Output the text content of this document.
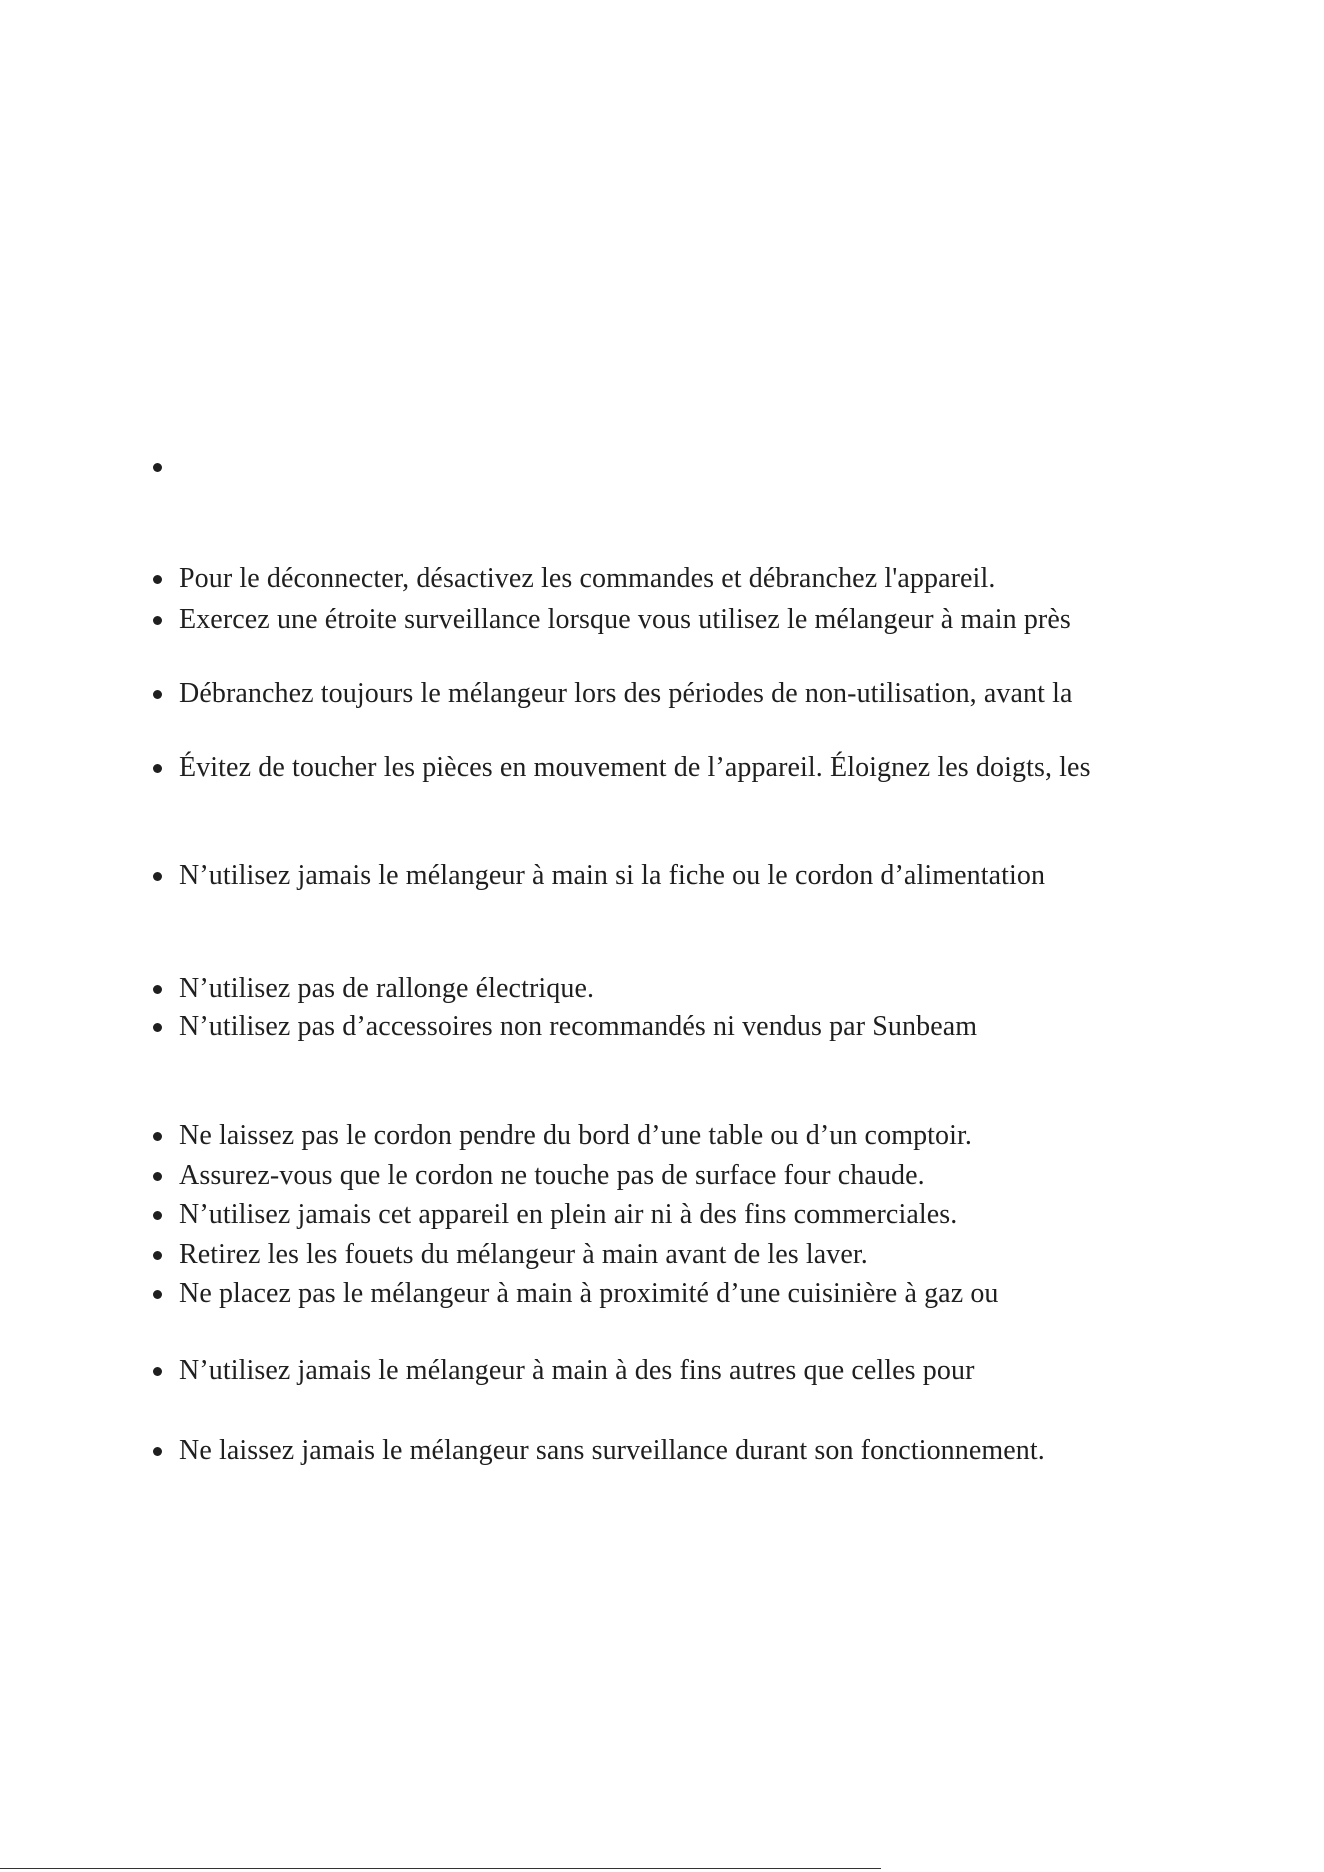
Pour le déconnecter, désactivez les commandes et débranchez l'appareil.
Exercez une étroite surveillance lorsque vous utilisez le mélangeur à main près
Débranchez toujours le mélangeur lors des périodes de non-utilisation, avant la
Évitez de toucher les pièces en mouvement de l’appareil. Éloignez les doigts, les
N’utilisez jamais le mélangeur à main si la fiche ou le cordon d’alimentation
N’utilisez pas de rallonge électrique.
N’utilisez pas d’accessoires non recommandés ni vendus par Sunbeam
Ne laissez pas le cordon pendre du bord d’une table ou d’un comptoir.
Assurez-vous que le cordon ne touche pas de surface four chaude.
N’utilisez jamais cet appareil en plein air ni à des fins commerciales.
Retirez les les fouets du mélangeur à main avant de les laver.
Ne placez pas le mélangeur à main à proximité d’une cuisinière à gaz ou
N’utilisez jamais le mélangeur à main à des fins autres que celles pour
Ne laissez jamais le mélangeur sans surveillance durant son fonctionnement.
